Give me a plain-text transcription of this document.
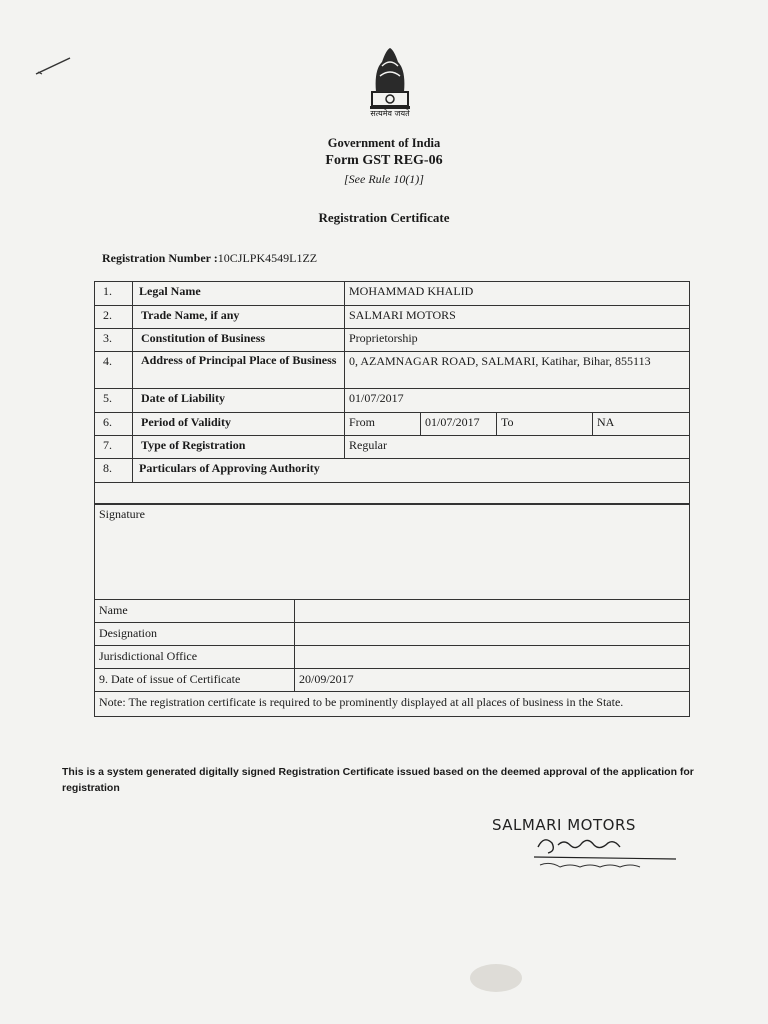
सत्यमेव जयते
Government of India
Form GST REG-06
[See Rule 10(1)]
Registration Certificate
Registration Number :10CJLPK4549L1ZZ
1.	Legal Name	MOHAMMAD KHALID			
2.	Trade Name, if any	SALMARI MOTORS			
3.	Constitution of Business	Proprietorship			
4.	Address of Principal Place of Business	0, AZAMNAGAR ROAD, SALMARI, Katihar, Bihar, 855113			
5.	Date of Liability	01/07/2017			
6.	Period of Validity	From	01/07/2017	To	NA
7.	Type of Registration	Regular			
8.	Particulars of Approving Authority				

Signature	
Name	
Designation	
Jurisdictional Office	
9. Date of issue of Certificate	20/09/2017
Note: The registration certificate is required to be prominently displayed at all places of business in the State.	
This is a system generated digitally signed Registration Certificate issued based on the deemed approval of the application for registration
SALMARI MOTORS
